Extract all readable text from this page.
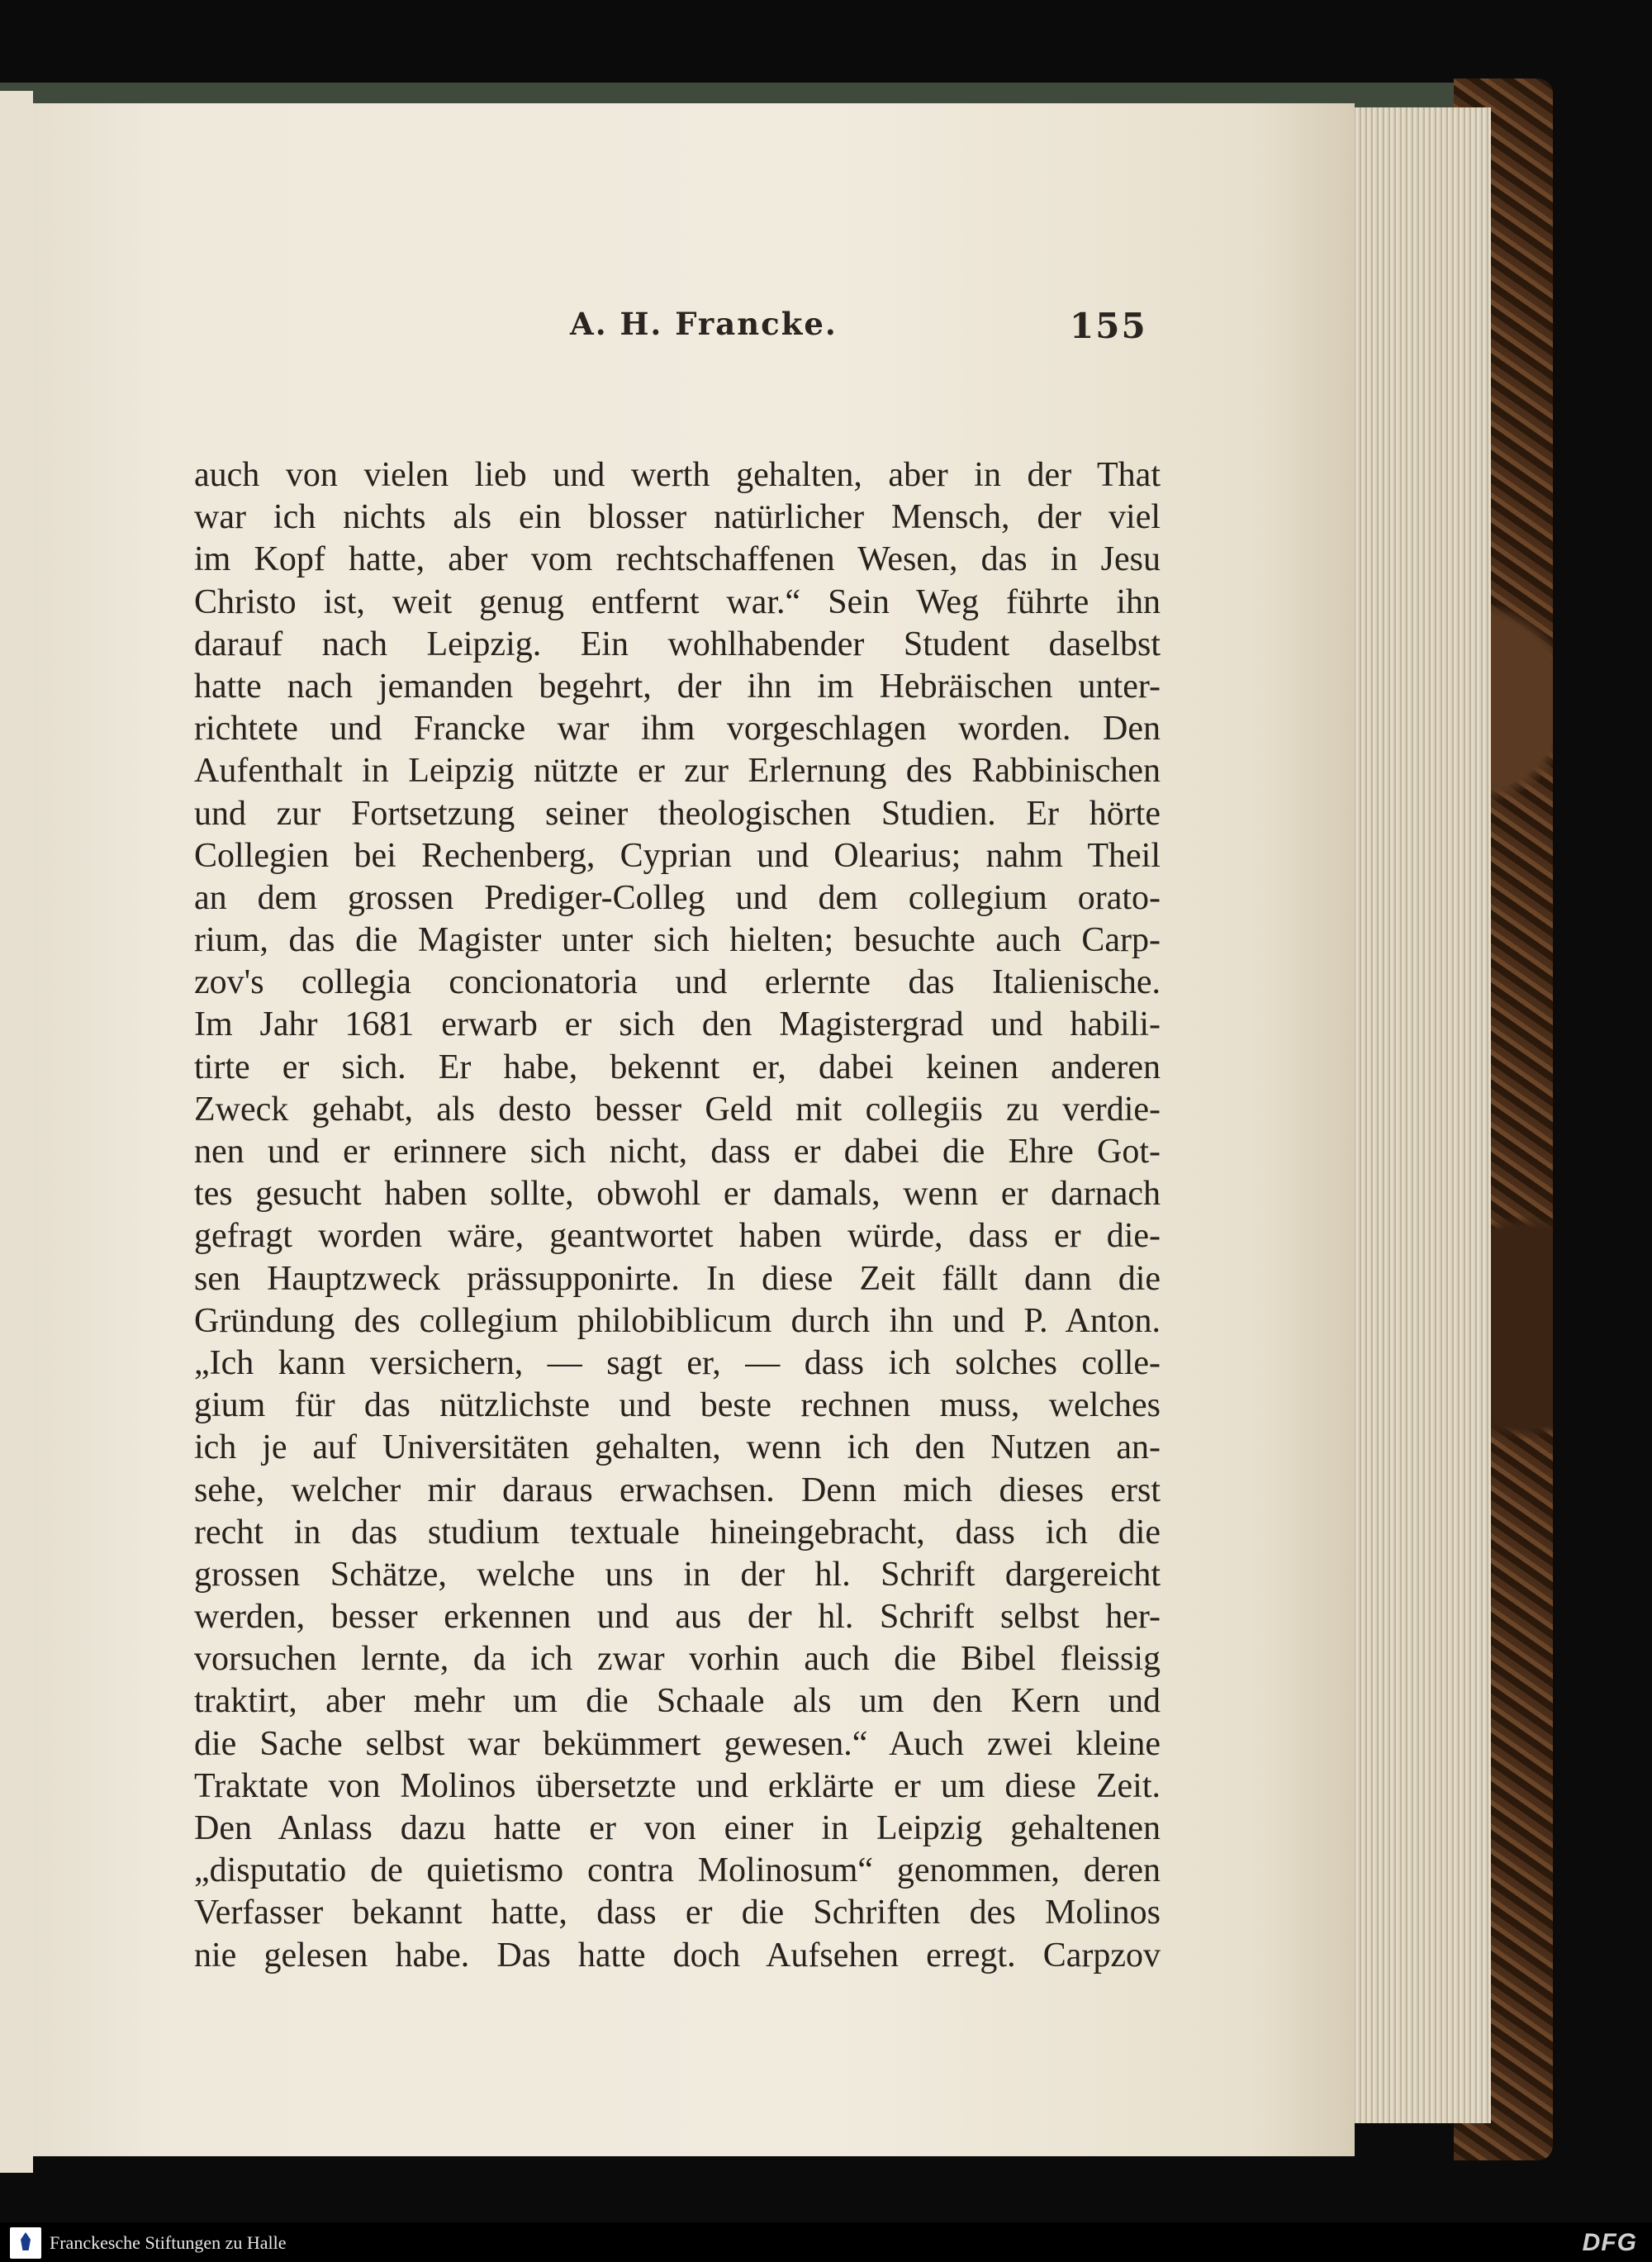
A. H. Francke.	155
auch von vielen lieb und werth gehalten, aber in der That
war ich nichts als ein blosser natürlicher Mensch, der viel
im Kopf hatte, aber vom rechtschaffenen Wesen, das in Jesu
Christo ist, weit genug entfernt war.“ Sein Weg führte ihn
darauf nach Leipzig. Ein wohlhabender Student daselbst
hatte nach jemanden begehrt, der ihn im Hebräischen unter-
richtete und Francke war ihm vorgeschlagen worden. Den
Aufenthalt in Leipzig nützte er zur Erlernung des Rabbinischen
und zur Fortsetzung seiner theologischen Studien. Er hörte
Collegien bei Rechenberg, Cyprian und Olearius; nahm Theil
an dem grossen Prediger-Colleg und dem collegium orato-
rium, das die Magister unter sich hielten; besuchte auch Carp-
zov's collegia concionatoria und erlernte das Italienische.
Im Jahr 1681 erwarb er sich den Magistergrad und habili-
tirte er sich. Er habe, bekennt er, dabei keinen anderen
Zweck gehabt, als desto besser Geld mit collegiis zu verdie-
nen und er erinnere sich nicht, dass er dabei die Ehre Got-
tes gesucht haben sollte, obwohl er damals, wenn er darnach
gefragt worden wäre, geantwortet haben würde, dass er die-
sen Hauptzweck prässupponirte. In diese Zeit fällt dann die
Gründung des collegium philobiblicum durch ihn und P. Anton.
„Ich kann versichern, — sagt er, — dass ich solches colle-
gium für das nützlichste und beste rechnen muss, welches
ich je auf Universitäten gehalten, wenn ich den Nutzen an-
sehe, welcher mir daraus erwachsen. Denn mich dieses erst
recht in das studium textuale hineingebracht, dass ich die
grossen Schätze, welche uns in der hl. Schrift dargereicht
werden, besser erkennen und aus der hl. Schrift selbst her-
vorsuchen lernte, da ich zwar vorhin auch die Bibel fleissig
traktirt, aber mehr um die Schaale als um den Kern und
die Sache selbst war bekümmert gewesen.“ Auch zwei kleine
Traktate von Molinos übersetzte und erklärte er um diese Zeit.
Den Anlass dazu hatte er von einer in Leipzig gehaltenen
„disputatio de quietismo contra Molinosum“ genommen, deren
Verfasser bekannt hatte, dass er die Schriften des Molinos
nie gelesen habe. Das hatte doch Aufsehen erregt. Carpzov
Franckesche Stiftungen zu Halle	DFG
